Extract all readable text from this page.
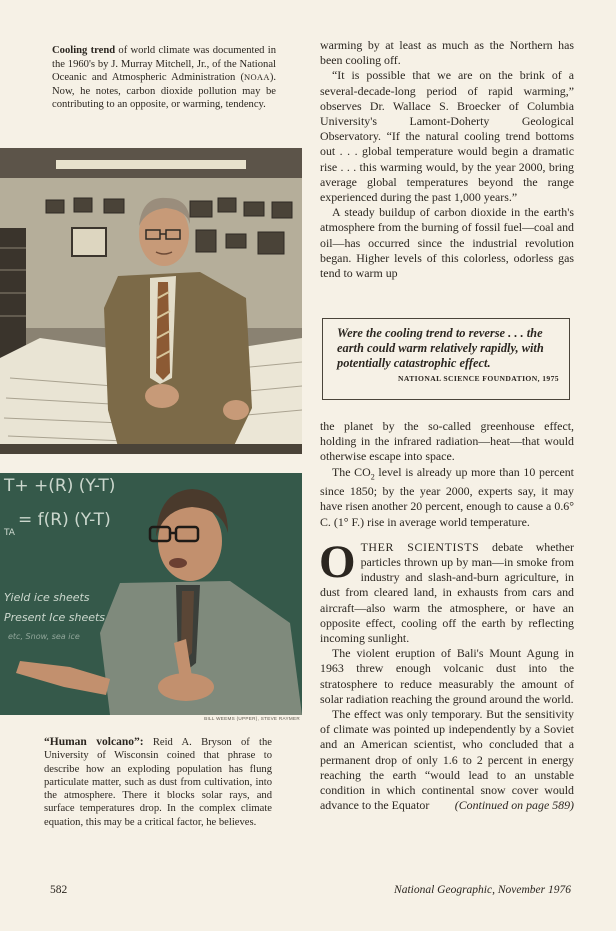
Cooling trend of world climate was documented in the 1960's by J. Murray Mitchell, Jr., of the National Oceanic and Atmospheric Administration (NOAA). Now, he notes, carbon dioxide pollution may be contributing to an opposite, or warming, tendency.
T+ +(R) (Y-T)
= f(R) (Y-T)
TA
Yield ice sheets
Present Ice sheets
etc, Snow, sea ice
BILL WEEMS (UPPER), STEVE RAYMER
“Human volcano”: Reid A. Bryson of the University of Wisconsin coined that phrase to describe how an exploding population has flung particulate matter, such as dust from cultivation, into the atmosphere. There it blocks solar rays, and surface temperatures drop. In the complex climate equation, this may be a critical factor, he believes.

warming by at least as much as the Northern has been cooling off.

“It is possible that we are on the brink of a several-decade-long period of rapid warming,” observes Dr. Wallace S. Broecker of Columbia University's Lamont-Doherty Geological Observatory. “If the natural cooling trend bottoms out . . . global temperature would begin a dramatic rise . . . this warming would, by the year 2000, bring average global temperatures beyond the range experienced during the past 1,000 years.”

A steady buildup of carbon dioxide in the earth's atmosphere from the burning of fossil fuel—coal and oil—has occurred since the industrial revolution began. Higher levels of this colorless, odorless gas tend to warm up

Were the cooling trend to reverse . . . the earth could warm relatively rapidly, with potentially catastrophic effect.
NATIONAL SCIENCE FOUNDATION, 1975

the planet by the so-called greenhouse effect, holding in the infrared radiation—heat—that would otherwise escape into space.

The $CO_2$ level is already up more than 10 percent since 1850; by the year 2000, experts say, it may have risen another 20 percent, enough to cause a 0.6° C. (1° F.) rise in average world temperature.

OTHER SCIENTISTS debate whether particles thrown up by man—in smoke from industry and slash-and-burn agriculture, in dust from cleared land, in exhausts from cars and aircraft—also warm the atmosphere, or have an opposite effect, cooling off the earth by reflecting incoming sunlight.

The violent eruption of Bali's Mount Agung in 1963 threw enough volcanic dust into the stratosphere to reduce measurably the amount of solar radiation reaching the ground around the world.

The effect was only temporary. But the sensitivity of climate was pointed up independently by a Soviet and an American scientist, who concluded that a permanent drop of only 1.6 to 2 percent in energy reaching the earth “would lead to an unstable condition in which continental snow cover would advance to the Equator	(Continued on page 589)

582	National Geographic, November 1976
